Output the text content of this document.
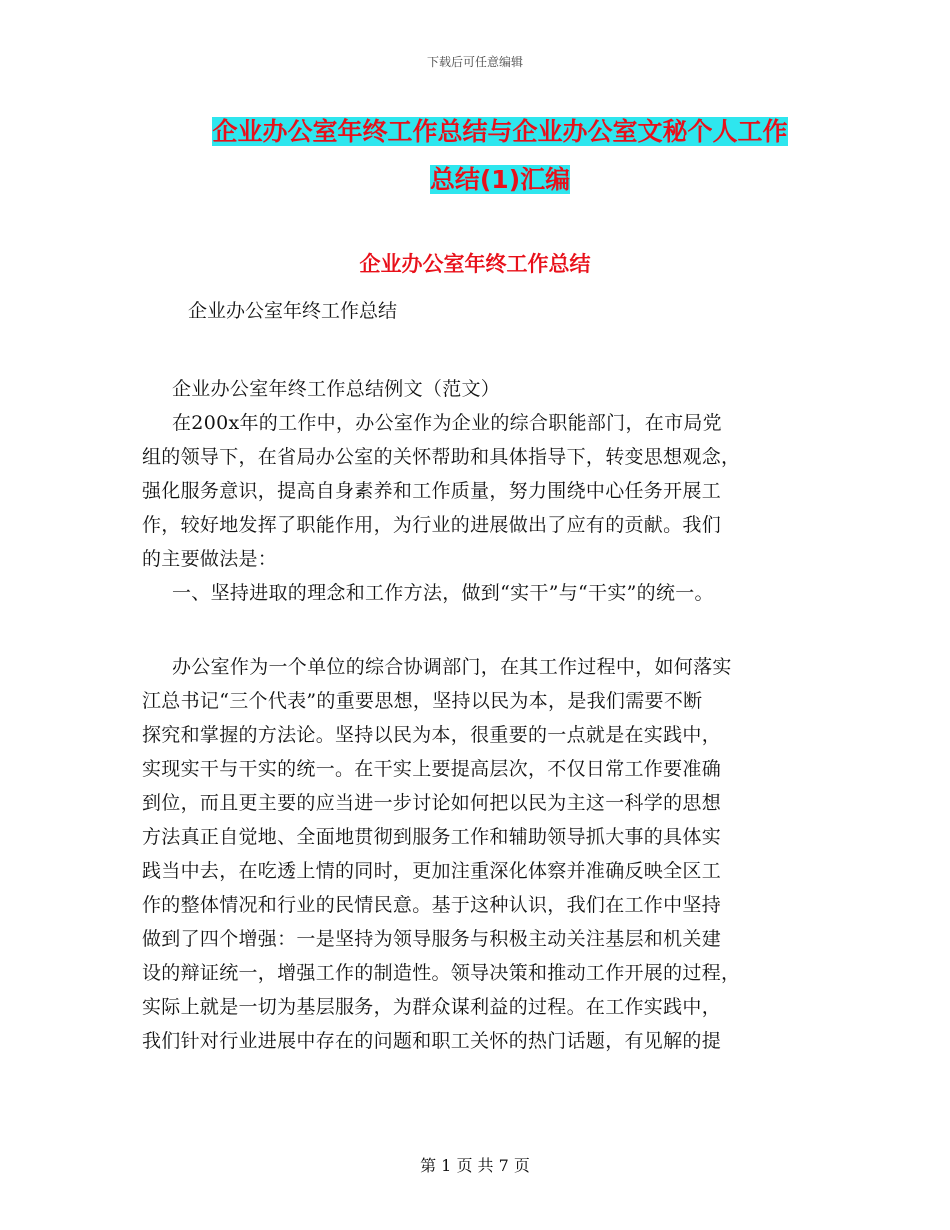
下载后可任意编辑
企业办公室年终工作总结与企业办公室文秘个人工作
总结(1)汇编
企业办公室年终工作总结
企业办公室年终工作总结
企业办公室年终工作总结例文（范文）
在200x年的工作中，办公室作为企业的综合职能部门，在市局党
组的领导下，在省局办公室的关怀帮助和具体指导下，转变思想观念，
强化服务意识，提高自身素养和工作质量，努力围绕中心任务开展工
作，较好地发挥了职能作用，为行业的进展做出了应有的贡献。我们
的主要做法是：
一、坚持进取的理念和工作方法，做到“实干”与“干实”的统一。
办公室作为一个单位的综合协调部门，在其工作过程中，如何落实
江总书记“三个代表”的重要思想，坚持以民为本，是我们需要不断
探究和掌握的方法论。坚持以民为本，很重要的一点就是在实践中，
实现实干与干实的统一。在干实上要提高层次，不仅日常工作要准确
到位，而且更主要的应当进一步讨论如何把以民为主这一科学的思想
方法真正自觉地、全面地贯彻到服务工作和辅助领导抓大事的具体实
践当中去，在吃透上情的同时，更加注重深化体察并准确反映全区工
作的整体情况和行业的民情民意。基于这种认识，我们在工作中坚持
做到了四个增强：一是坚持为领导服务与积极主动关注基层和机关建
设的辩证统一，增强工作的制造性。领导决策和推动工作开展的过程，
实际上就是一切为基层服务，为群众谋利益的过程。在工作实践中，
我们针对行业进展中存在的问题和职工关怀的热门话题，有见解的提
第 1 页 共 7 页
